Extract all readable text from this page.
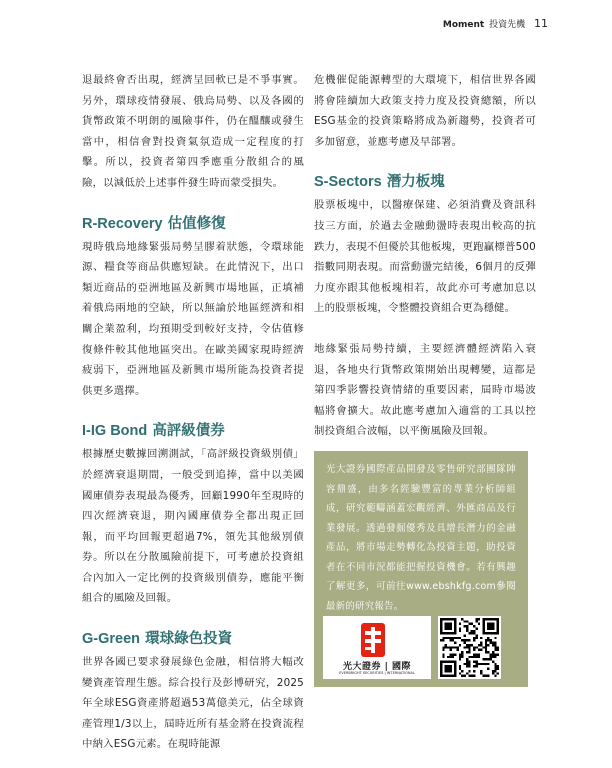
Moment 投資先機 11

退最終會否出現，經濟呈回軟已是不爭事實。另外，環球疫情發展、俄烏局勢、以及各國的貨幣政策不明朗的風險事件，仍在醞釀或發生當中，相信會對投資氣氛造成一定程度的打擊。所以，投資者第四季應重分散組合的風險，以減低於上述事件發生時而蒙受損失。

R-Recovery 估值修復

現時俄烏地緣緊張局勢呈膠着狀態，令環球能源、糧食等商品供應短缺。在此情況下，出口類近商品的亞洲地區及新興市場地區，正填補着俄烏兩地的空缺，所以無論於地區經濟和相關企業盈利，均預期受到較好支持，令估值修復條件較其他地區突出。在歐美國家現時經濟疲弱下，亞洲地區及新興市場所能為投資者提供更多選擇。

I-IG Bond 高評級債券

根據歷史數據回溯測試，「高評級投資級別債」於經濟衰退期間，一般受到追捧，當中以美國國庫債券表現最為優秀，回顧1990年至現時的四次經濟衰退，期內國庫債券全都出現正回報，而平均回報更超過7%，領先其他級別債券。所以在分散風險前提下，可考慮於投資組合內加入一定比例的投資級別債券，應能平衡組合的風險及回報。

G-Green 環球綠色投資

世界各國已要求發展綠色金融，相信將大幅改變資產管理生態。綜合投行及彭博研究，2025年全球ESG資產將超過53萬億美元，佔全球資產管理1/3以上，屆時近所有基金將在投資流程中納入ESG元素。在現時能源

危機催促能源轉型的大環境下，相信世界各國將會陸續加大政策支持力度及投資總額，所以ESG基金的投資策略將成為新趨勢，投資者可多加留意，並應考慮及早部署。

S-Sectors 潛力板塊

股票板塊中，以醫療保建、必須消費及資訊科技三方面，於過去金融動盪時表現出較高的抗跌力，表現不但優於其他板塊，更跑贏標普500指數同期表現。而當動盪完結後，6個月的反彈力度亦跟其他板塊相若，故此亦可考慮加息以上的股票板塊，令整體投資組合更為穩健。

地緣緊張局勢持續，主要經濟體經濟陷入衰退，各地央行貨幣政策開始出現轉變，這都是第四季影響投資情緒的重要因素，屆時市場波幅將會擴大。故此應考慮加入適當的工具以控制投資組合波幅，以平衡風險及回報。

光大證券國際產品開發及零售研究部團隊陣容鼎盛，由多名經驗豐富的專業分析師組成，研究範疇涵蓋宏觀經濟、外匯商品及行業發展。透過發掘優秀及具增長潛力的金融產品，將市場走勢轉化為投資主題，助投資者在不同市況都能把握投資機會。若有興趣了解更多，可前往www.ebshkfg.com參閱最新的研究報告。

光大證券 | 國際
EVERBRIGHT SECURITIES | INTERNATIONAL
